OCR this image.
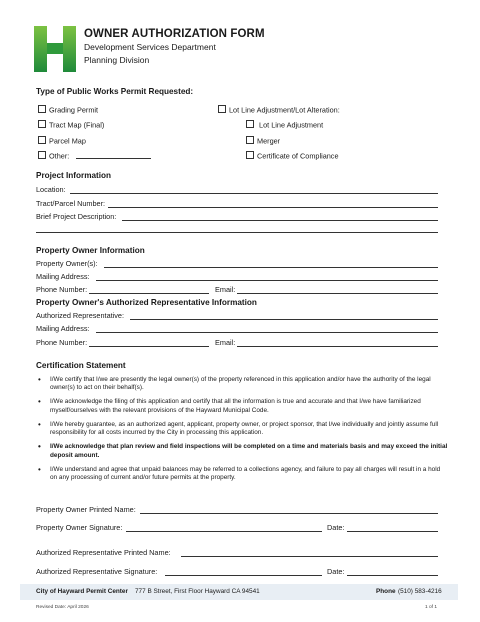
OWNER AUTHORIZATION FORM
Development Services Department
Planning Division
Type of Public Works Permit Requested:
Grading Permit
Tract Map (Final)
Parcel Map
Other:
Lot Line Adjustment/Lot Alteration:
Lot Line Adjustment
Merger
Certificate of Compliance
Project Information
Location:
Tract/Parcel Number:
Brief Project Description:
Property Owner Information
Property Owner(s):
Mailing Address:
Phone Number:	Email:
Property Owner's Authorized Representative Information
Authorized Representative:
Mailing Address:
Phone Number:	Email:
Certification Statement
• I/We certify that I/we are presently the legal owner(s) of the property referenced in this application and/or have the authority of the legal owner(s) to act on their behalf(s).
• I/We acknowledge the filing of this application and certify that all the information is true and accurate and that I/we have familiarized myself/ourselves with the relevant provisions of the Hayward Municipal Code.
• I/We hereby guarantee, as an authorized agent, applicant, property owner, or project sponsor, that I/we individually and jointly assume full responsibility for all costs incurred by the City in processing this application.
• I/We acknowledge that plan review and field inspections will be completed on a time and materials basis and may exceed the initial deposit amount.
• I/We understand and agree that unpaid balances may be referred to a collections agency, and failure to pay all charges will result in a hold on any processing of current and/or future permits at the property.
Property Owner Printed Name:
Property Owner Signature:	Date:
Authorized Representative Printed Name:
Authorized Representative Signature:	Date:
City of Hayward Permit Center 777 B Street, First Floor Hayward CA 94541	Phone (510) 583-4216
Revised Date: April 2026	1 of 1
